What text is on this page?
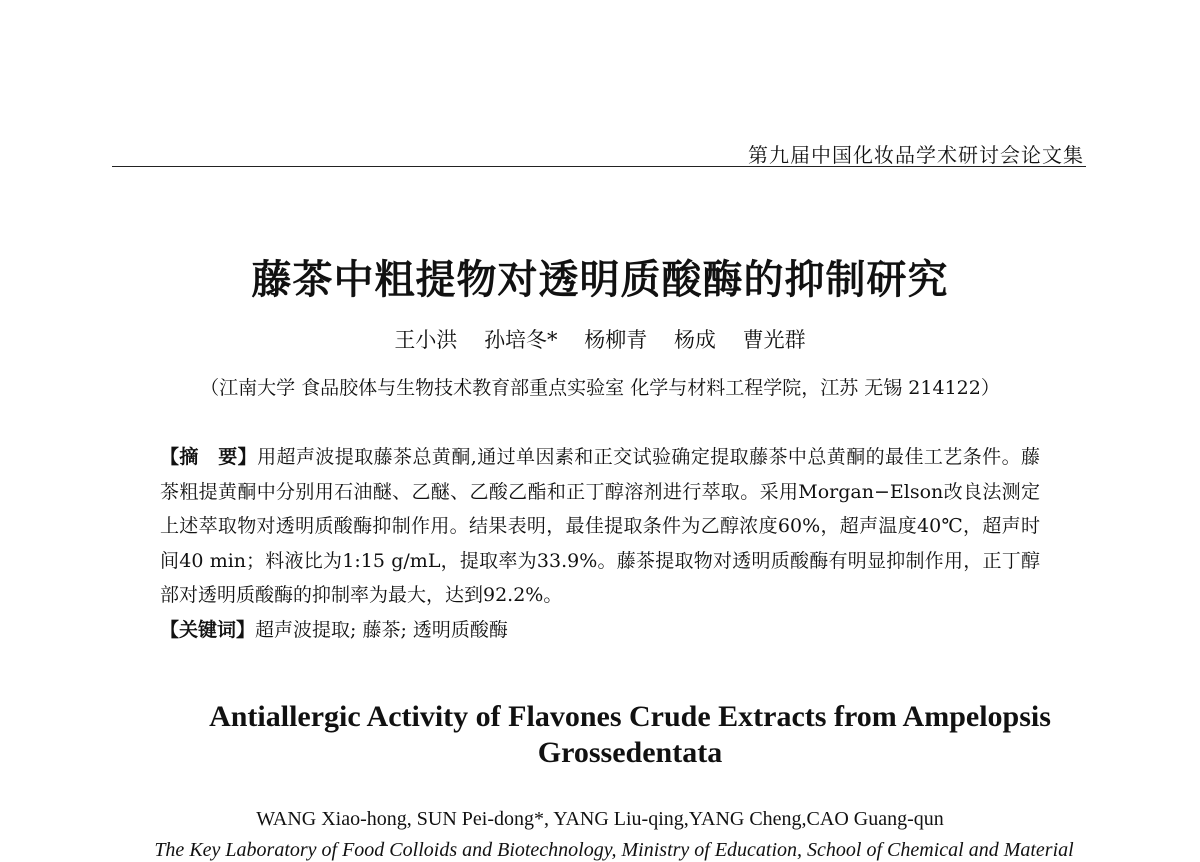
第九届中国化妆品学术研讨会论文集
藤茶中粗提物对透明质酸酶的抑制研究
王小洪 孙培冬* 杨柳青 杨成 曹光群
（江南大学 食品胶体与生物技术教育部重点实验室 化学与材料工程学院，江苏 无锡 214122）

【摘　要】用超声波提取藤茶总黄酮,通过单因素和正交试验确定提取藤茶中总黄酮的最佳工艺条件。藤茶粗提黄酮中分别用石油醚、乙醚、乙酸乙酯和正丁醇溶剂进行萃取。采用Morgan−Elson改良法测定上述萃取物对透明质酸酶抑制作用。结果表明，最佳提取条件为乙醇浓度60%，超声温度40℃，超声时间40 min；料液比为1:15 g/mL，提取率为33.9%。藤茶提取物对透明质酸酶有明显抑制作用，正丁醇部对透明质酸酶的抑制率为最大，达到92.2%。

【关键词】超声波提取; 藤茶; 透明质酸酶

Antiallergic Activity of Flavones Crude Extracts from Ampelopsis
Grossedentata
WANG Xiao-hong, SUN Pei-dong*, YANG Liu-qing,YANG Cheng,CAO Guang-qun
The Key Laboratory of Food Colloids and Biotechnology, Ministry of Education, School of Chemical and Material
